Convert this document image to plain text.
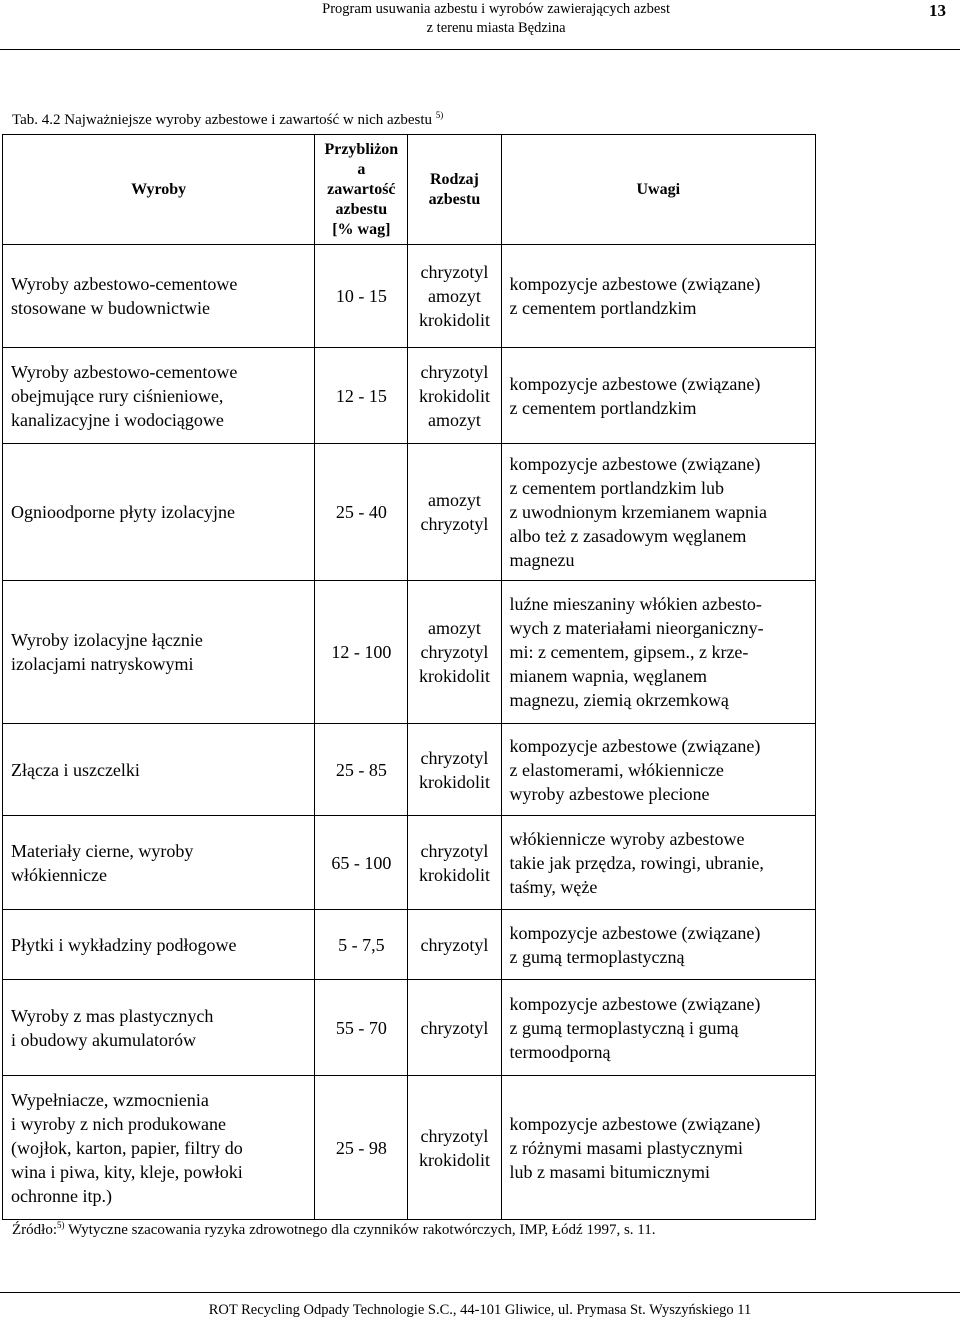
Program usuwania azbestu i wyrobów zawierających azbest
z terenu miasta Będzina
13
Tab. 4.2 Najważniejsze wyroby azbestowe i zawartość w nich azbestu $^{5)}$
Wyroby	Przybliżon
a
zawartość
azbestu
[% wag]	Rodzaj
azbestu	Uwagi

Wyroby azbestowo-cementowe
stosowane w budownictwie	10 - 15	chryzotyl
amozyt
krokidolit	kompozycje azbestowe (związane)
z cementem portlandzkim

Wyroby azbestowo-cementowe
obejmujące rury ciśnieniowe,
kanalizacyjne i wodociągowe	12 - 15	chryzotyl
krokidolit
amozyt	kompozycje azbestowe (związane)
z cementem portlandzkim

Ognioodporne płyty izolacyjne	25 - 40	amozyt
chryzotyl	kompozycje azbestowe (związane)
z cementem portlandzkim lub
z uwodnionym krzemianem wapnia
albo też z zasadowym węglanem
magnezu

Wyroby izolacyjne łącznie
izolacjami natryskowymi	12 - 100	amozyt
chryzotyl
krokidolit	luźne mieszaniny włókien azbesto-
wych z materiałami nieorganiczny-
mi: z cementem, gipsem., z krze-
mianem wapnia, węglanem
magnezu, ziemią okrzemkową

Złącza i uszczelki	25 - 85	chryzotyl
krokidolit	kompozycje azbestowe (związane)
z elastomerami, włókiennicze
wyroby azbestowe plecione

Materiały cierne, wyroby
włókiennicze	65 - 100	chryzotyl
krokidolit	włókiennicze wyroby azbestowe
takie jak przędza, rowingi, ubranie,
taśmy, węże

Płytki i wykładziny podłogowe	5 - 7,5	chryzotyl	kompozycje azbestowe (związane)
z gumą termoplastyczną

Wyroby z mas plastycznych
i obudowy akumulatorów	55 - 70	chryzotyl	kompozycje azbestowe (związane)
z gumą termoplastyczną i gumą
termoodporną

Wypełniacze, wzmocnienia
i wyroby z nich produkowane
(wojłok, karton, papier, filtry do
wina i piwa, kity, kleje, powłoki
ochronne itp.)	25 - 98	chryzotyl
krokidolit	kompozycje azbestowe (związane)
z różnymi masami plastycznymi
lub z masami bitumicznymi
Źródło:$^{5)}$ Wytyczne szacowania ryzyka zdrowotnego dla czynników rakotwórczych, IMP, Łódź 1997, s. 11.
ROT Recycling Odpady Technologie S.C., 44-101 Gliwice, ul. Prymasa St. Wyszyńskiego 11
